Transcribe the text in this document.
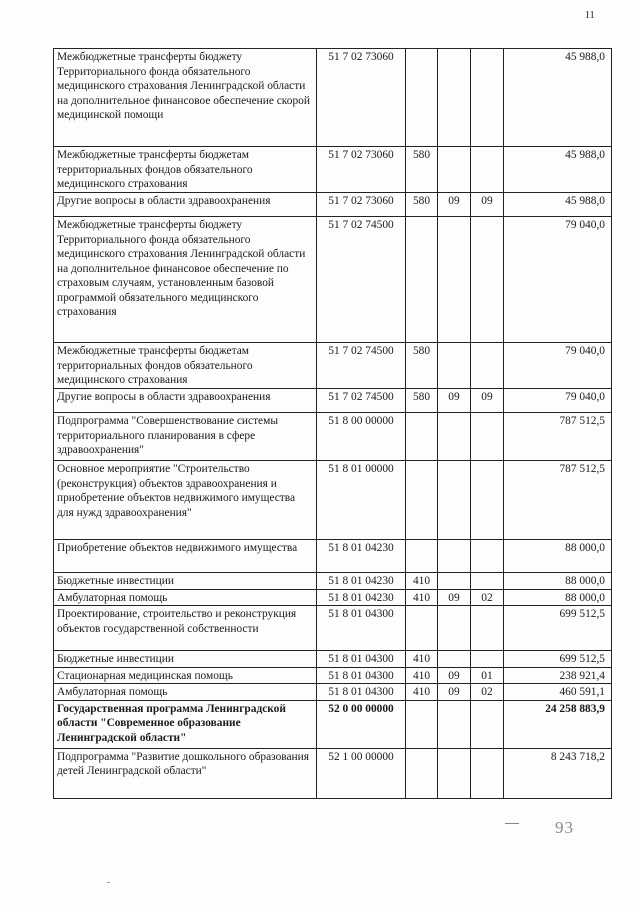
11
Межбюджетные трансферты бюджету Территориального фонда обязательного медицинского страхования Ленинградской области на дополнительное финансовое обеспечение скорой медицинской помощи	51 7 02 73060				45 988,0
Межбюджетные трансферты бюджетам территориальных фондов обязательного медицинского страхования	51 7 02 73060	580			45 988,0
Другие вопросы в области здравоохранения	51 7 02 73060	580	09	09	45 988,0
Межбюджетные трансферты бюджету Территориального фонда обязательного медицинского страхования Ленинградской области на дополнительное финансовое обеспечение по страховым случаям, установленным базовой программой обязательного медицинского страхования	51 7 02 74500				79 040,0
Межбюджетные трансферты бюджетам территориальных фондов обязательного медицинского страхования	51 7 02 74500	580			79 040,0
Другие вопросы в области здравоохранения	51 7 02 74500	580	09	09	79 040,0
Подпрограмма "Совершенствование системы территориального планирования в сфере здравоохранения"	51 8 00 00000				787 512,5
Основное мероприятие "Строительство (реконструкция) объектов здравоохранения и приобретение объектов недвижимого имущества для нужд здравоохранения"	51 8 01 00000				787 512,5
Приобретение объектов недвижимого имущества	51 8 01 04230				88 000,0
Бюджетные инвестиции	51 8 01 04230	410			88 000,0
Амбулаторная помощь	51 8 01 04230	410	09	02	88 000,0
Проектирование, строительство и реконструкция объектов государственной собственности	51 8 01 04300				699 512,5
Бюджетные инвестиции	51 8 01 04300	410			699 512,5
Стационарная медицинская помощь	51 8 01 04300	410	09	01	238 921,4
Амбулаторная помощь	51 8 01 04300	410	09	02	460 591,1
Государственная программа Ленинградской области "Современное образование Ленинградской области"	52 0 00 00000				24 258 883,9
Подпрограмма "Развитие дошкольного образования детей Ленинградской области"	52 1 00 00000				8 243 718,2
93
